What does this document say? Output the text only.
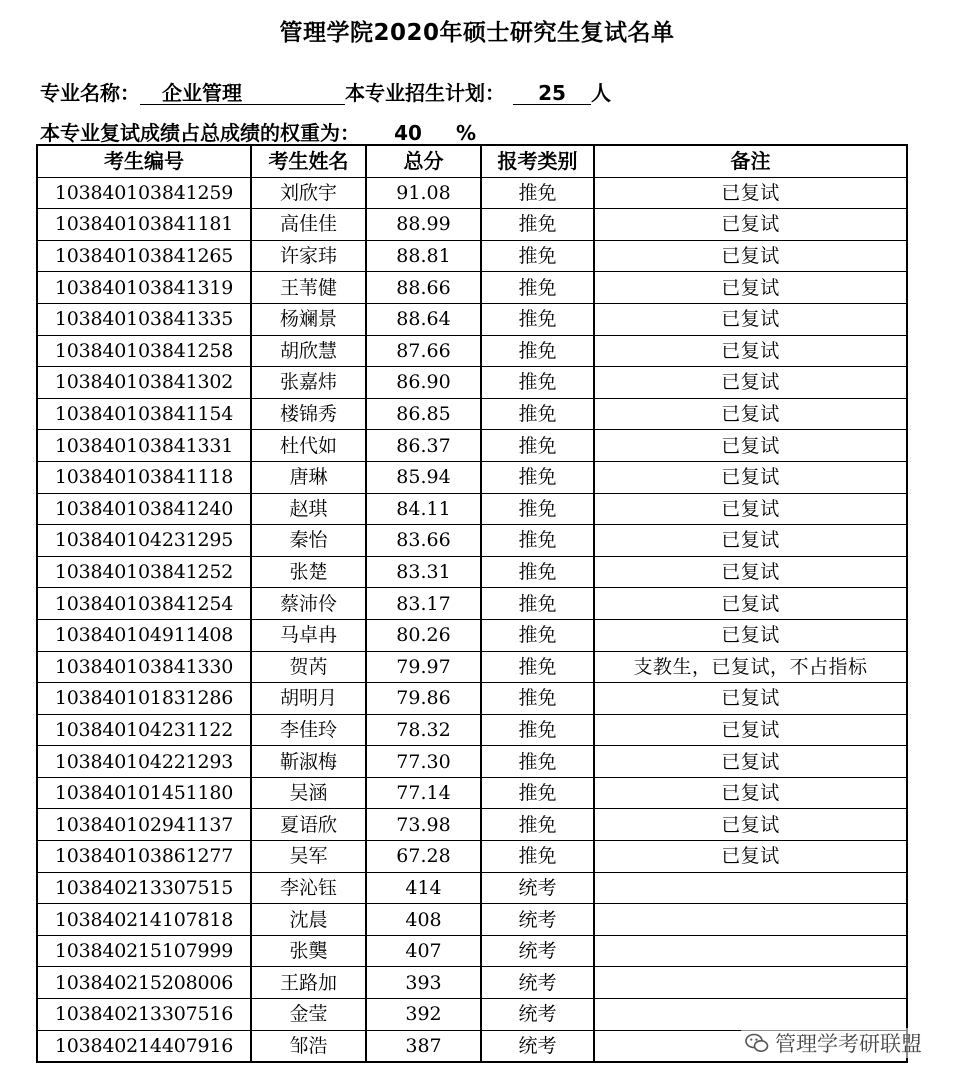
管理学院2020年硕士研究生复试名单
专业名称： 企业管理	本专业招生计划： 25 人
本专业复试成绩占总成绩的权重为： 40 %
考生编号	考生姓名	总分	报考类别	备注
103840103841259	刘欣宇	91.08	推免	已复试
103840103841181	高佳佳	88.99	推免	已复试
103840103841265	许家玮	88.81	推免	已复试
103840103841319	王苇健	88.66	推免	已复试
103840103841335	杨斓景	88.64	推免	已复试
103840103841258	胡欣慧	87.66	推免	已复试
103840103841302	张嘉炜	86.90	推免	已复试
103840103841154	楼锦秀	86.85	推免	已复试
103840103841331	杜代如	86.37	推免	已复试
103840103841118	唐琳	85.94	推免	已复试
103840103841240	赵琪	84.11	推免	已复试
103840104231295	秦怡	83.66	推免	已复试
103840103841252	张楚	83.31	推免	已复试
103840103841254	蔡沛伶	83.17	推免	已复试
103840104911408	马卓冉	80.26	推免	已复试
103840103841330	贺芮	79.97	推免	支教生，已复试，不占指标
103840101831286	胡明月	79.86	推免	已复试
103840104231122	李佳玲	78.32	推免	已复试
103840104221293	靳淑梅	77.30	推免	已复试
103840101451180	吴涵	77.14	推免	已复试
103840102941137	夏语欣	73.98	推免	已复试
103840103861277	吴军	67.28	推免	已复试
103840213307515	李沁钰	414	统考	
103840214107818	沈晨	408	统考	
103840215107999	张龑	407	统考	
103840215208006	王路加	393	统考	
103840213307516	金莹	392	统考	
103840214407916	邹浩	387	统考		管理学考研联盟
